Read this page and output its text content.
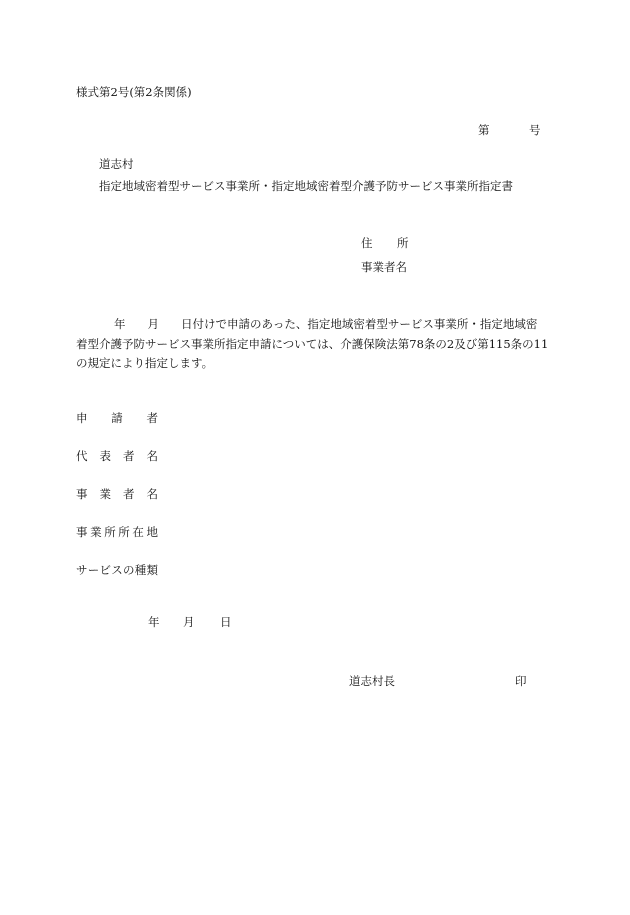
様式第2号(第2条関係)
第	号
道志村
指定地域密着型サービス事業所・指定地域密着型介護予防サービス事業所指定書
住 所
事業者名
年 月 日付けで申請のあった、指定地域密着型サービス事業所・指定地域密
着型介護予防サービス事業所指定申請については、介護保険法第78条の2及び第115条の11
の規定により指定します。
申請者
代表者名
事業者名
事業所所在地
サービスの種類
年 月 日
道志村長	印
